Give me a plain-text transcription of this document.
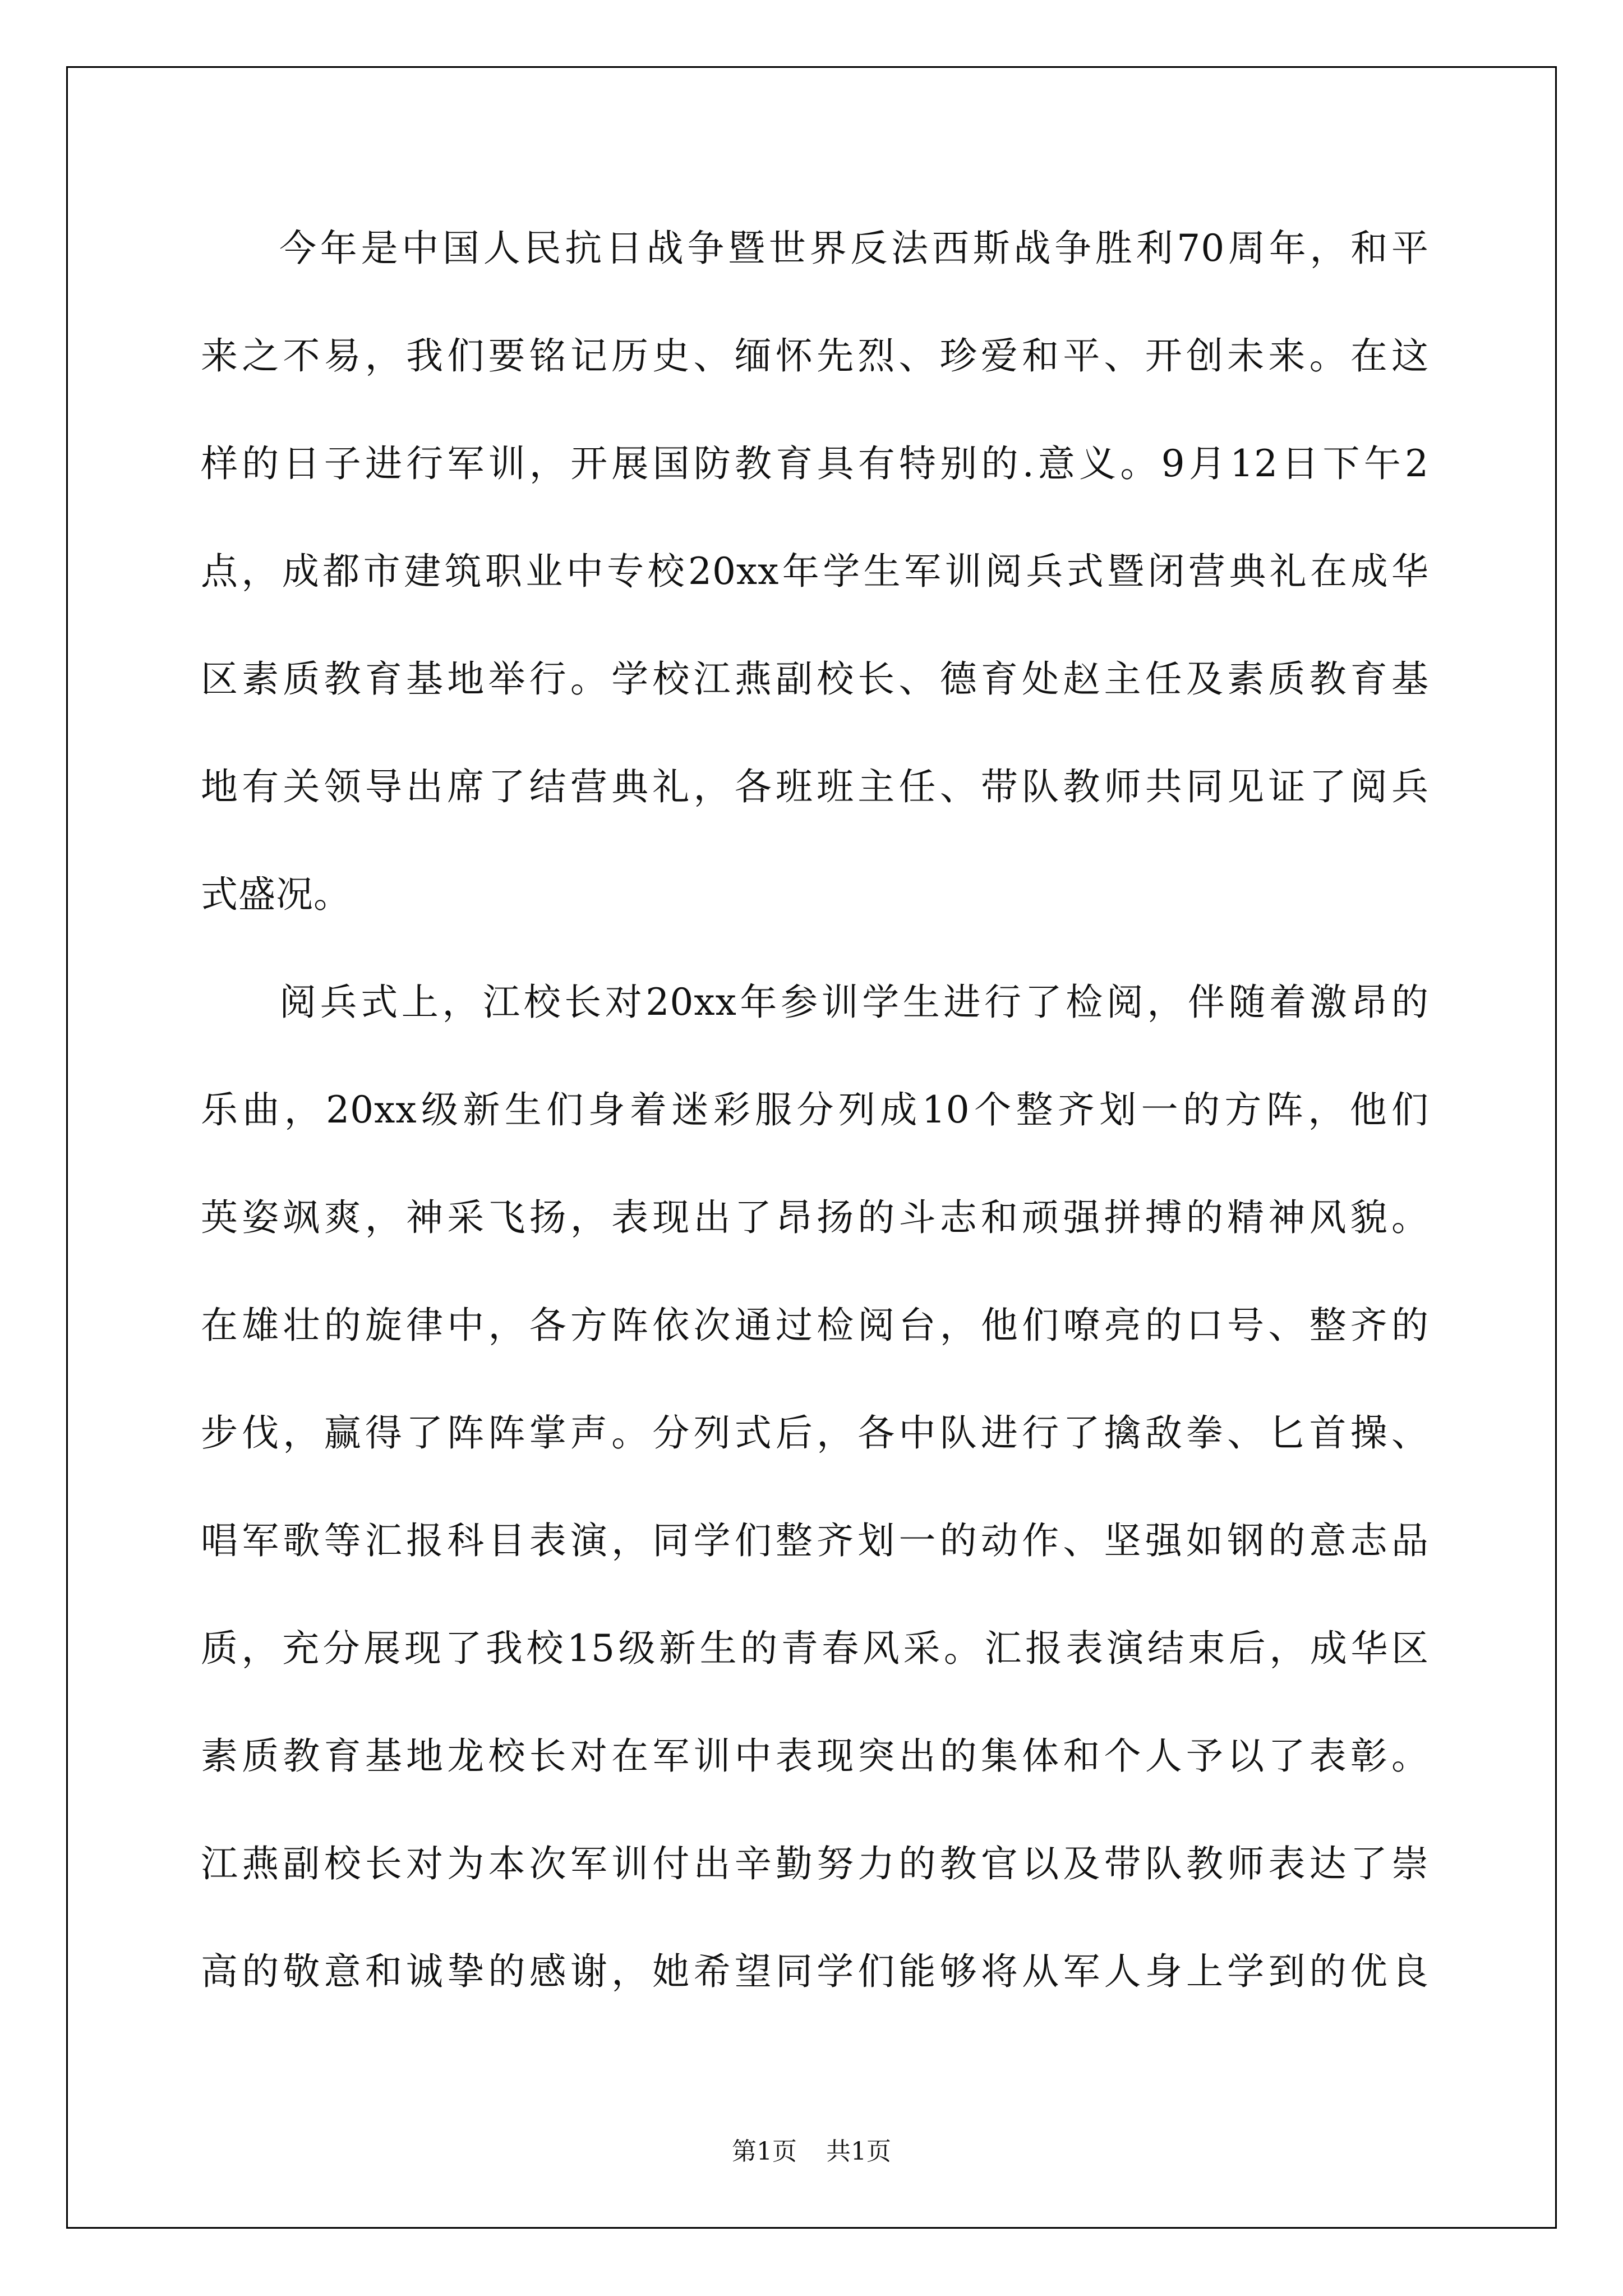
今年是中国人民抗日战争暨世界反法西斯战争胜利70周年，和平
来之不易，我们要铭记历史、缅怀先烈、珍爱和平、开创未来。在这
样的日子进行军训，开展国防教育具有特别的.意义。9月12日下午2
点，成都市建筑职业中专校20xx年学生军训阅兵式暨闭营典礼在成华
区素质教育基地举行。学校江燕副校长、德育处赵主任及素质教育基
地有关领导出席了结营典礼，各班班主任、带队教师共同见证了阅兵
式盛况。
阅兵式上，江校长对20xx年参训学生进行了检阅，伴随着激昂的
乐曲，20xx级新生们身着迷彩服分列成10个整齐划一的方阵，他们
英姿飒爽，神采飞扬，表现出了昂扬的斗志和顽强拼搏的精神风貌。
在雄壮的旋律中，各方阵依次通过检阅台，他们嘹亮的口号、整齐的
步伐，赢得了阵阵掌声。分列式后，各中队进行了擒敌拳、匕首操、
唱军歌等汇报科目表演，同学们整齐划一的动作、坚强如钢的意志品
质，充分展现了我校15级新生的青春风采。汇报表演结束后，成华区
素质教育基地龙校长对在军训中表现突出的集体和个人予以了表彰。
江燕副校长对为本次军训付出辛勤努力的教官以及带队教师表达了崇
高的敬意和诚挚的感谢，她希望同学们能够将从军人身上学到的优良
第1页 共1页
